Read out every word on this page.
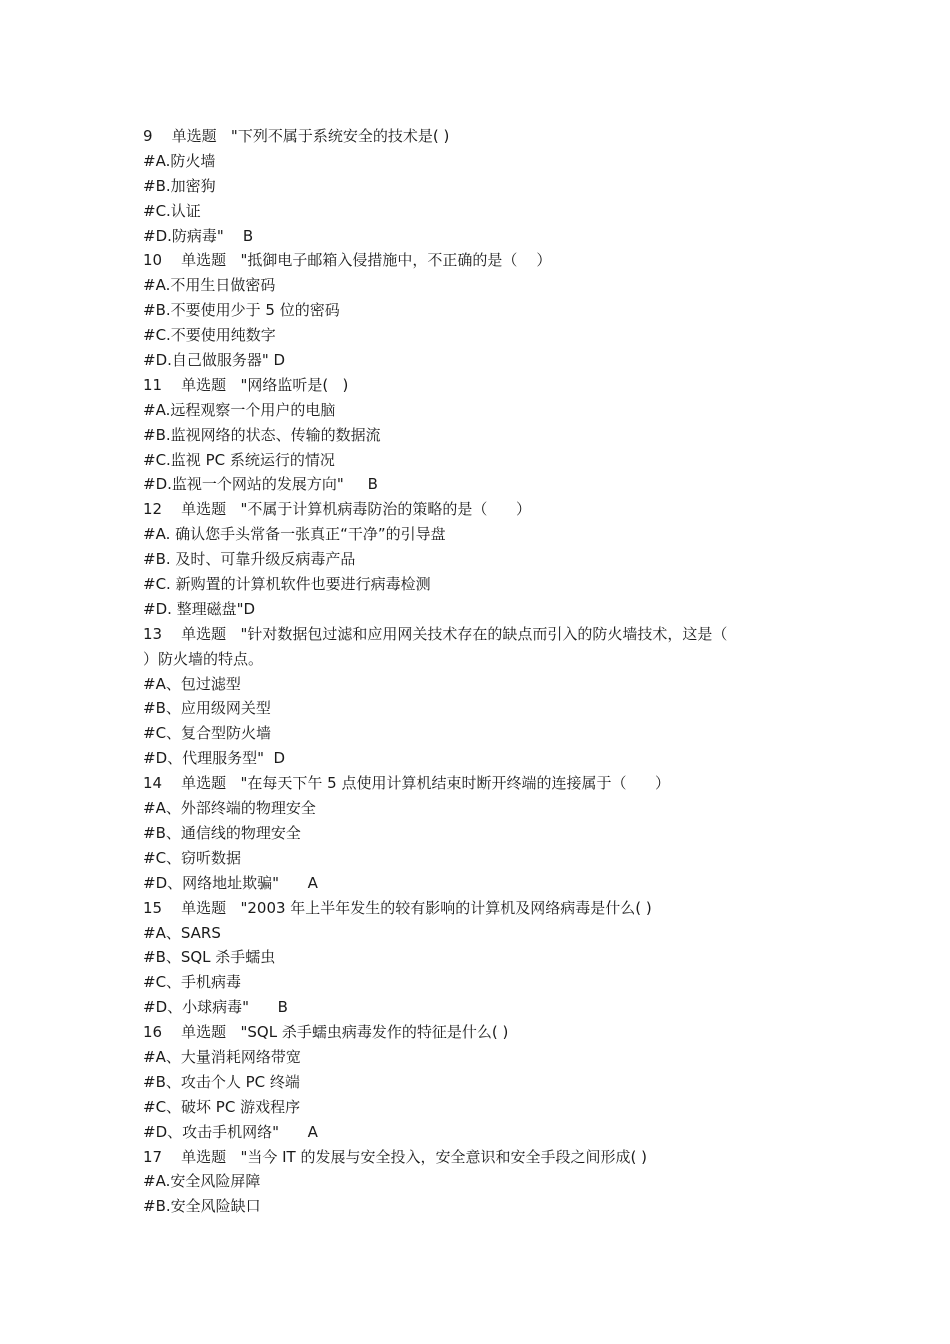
9    单选题   "下列不属于系统安全的技术是( )
#A.防火墙
#B.加密狗
#C.认证
#D.防病毒"    B
10    单选题   "抵御电子邮箱入侵措施中，不正确的是（    ）
#A.不用生日做密码
#B.不要使用少于 5 位的密码
#C.不要使用纯数字
#D.自己做服务器" D
11    单选题   "网络监听是(   )
#A.远程观察一个用户的电脑
#B.监视网络的状态、传输的数据流
#C.监视 PC 系统运行的情况
#D.监视一个网站的发展方向"     B
12    单选题   "不属于计算机病毒防治的策略的是（      ）
#A. 确认您手头常备一张真正“干净”的引导盘
#B. 及时、可靠升级反病毒产品
#C. 新购置的计算机软件也要进行病毒检测
#D. 整理磁盘"D
13    单选题   "针对数据包过滤和应用网关技术存在的缺点而引入的防火墙技术，这是（
）防火墙的特点。
#A、包过滤型
#B、应用级网关型
#C、复合型防火墙
#D、代理服务型"  D
14    单选题   "在每天下午 5 点使用计算机结束时断开终端的连接属于（      ）
#A、外部终端的物理安全
#B、通信线的物理安全
#C、窃听数据
#D、网络地址欺骗"      A
15    单选题   "2003 年上半年发生的较有影响的计算机及网络病毒是什么( )
#A、SARS
#B、SQL 杀手蠕虫
#C、手机病毒
#D、小球病毒"      B
16    单选题   "SQL 杀手蠕虫病毒发作的特征是什么( )
#A、大量消耗网络带宽
#B、攻击个人 PC 终端
#C、破坏 PC 游戏程序
#D、攻击手机网络"      A
17    单选题   "当今 IT 的发展与安全投入，安全意识和安全手段之间形成( )
#A.安全风险屏障
#B.安全风险缺口
